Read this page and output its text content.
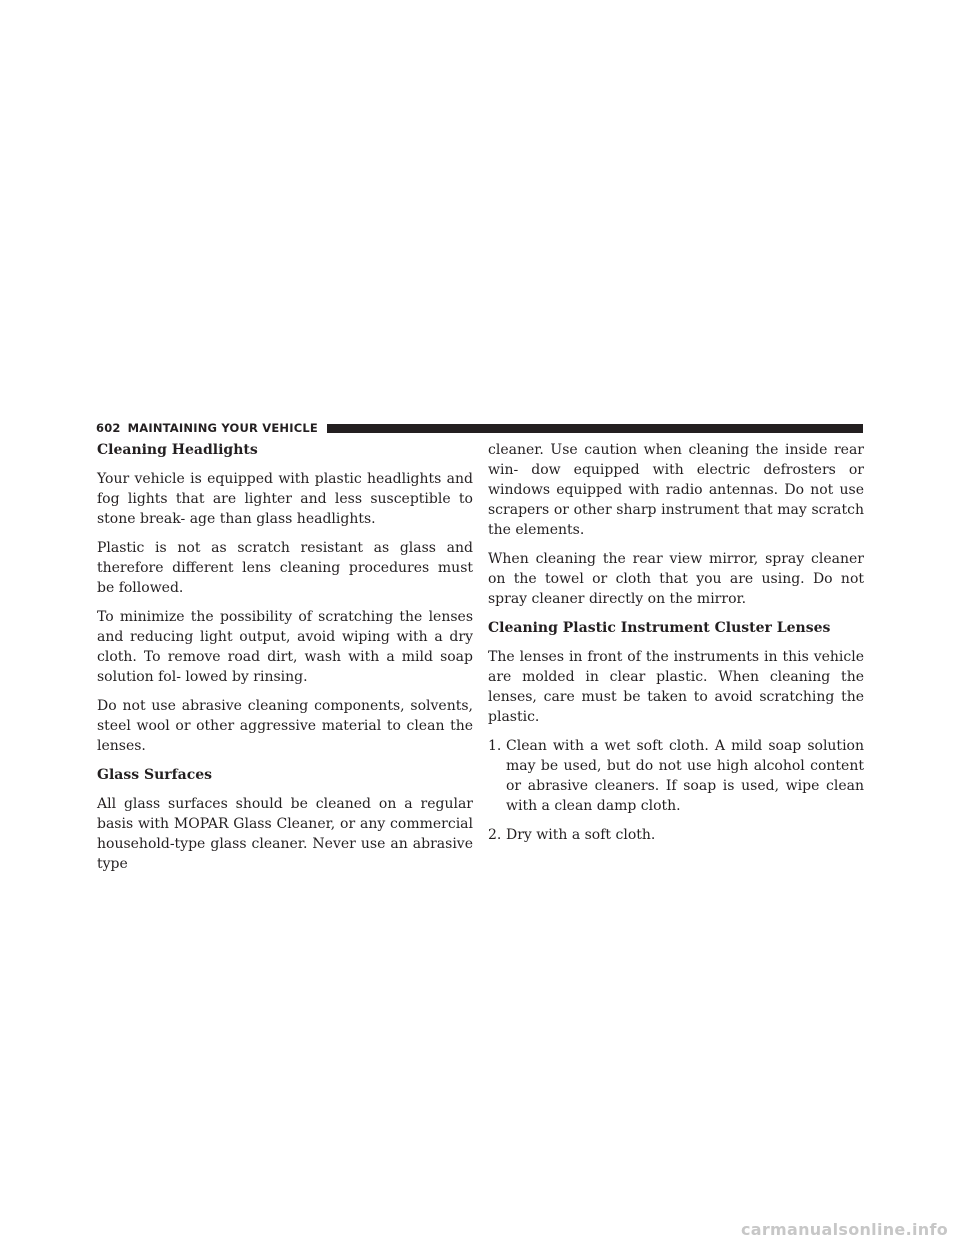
602 MAINTAINING YOUR VEHICLE
Cleaning Headlights

Your vehicle is equipped with plastic headlights and fog lights that are lighter and less susceptible to stone break- age than glass headlights.

Plastic is not as scratch resistant as glass and therefore different lens cleaning procedures must be followed.

To minimize the possibility of scratching the lenses and reducing light output, avoid wiping with a dry cloth. To remove road dirt, wash with a mild soap solution fol- lowed by rinsing.

Do not use abrasive cleaning components, solvents, steel wool or other aggressive material to clean the lenses.

Glass Surfaces

All glass surfaces should be cleaned on a regular basis with MOPAR Glass Cleaner, or any commercial household-type glass cleaner. Never use an abrasive type

cleaner. Use caution when cleaning the inside rear win- dow equipped with electric defrosters or windows equipped with radio antennas. Do not use scrapers or other sharp instrument that may scratch the elements.

When cleaning the rear view mirror, spray cleaner on the towel or cloth that you are using. Do not spray cleaner directly on the mirror.

Cleaning Plastic Instrument Cluster Lenses

The lenses in front of the instruments in this vehicle are molded in clear plastic. When cleaning the lenses, care must be taken to avoid scratching the plastic.

1. Clean with a wet soft cloth. A mild soap solution may be used, but do not use high alcohol content or abrasive cleaners. If soap is used, wipe clean with a clean damp cloth.
2. Dry with a soft cloth.
carmanualsonline.info
